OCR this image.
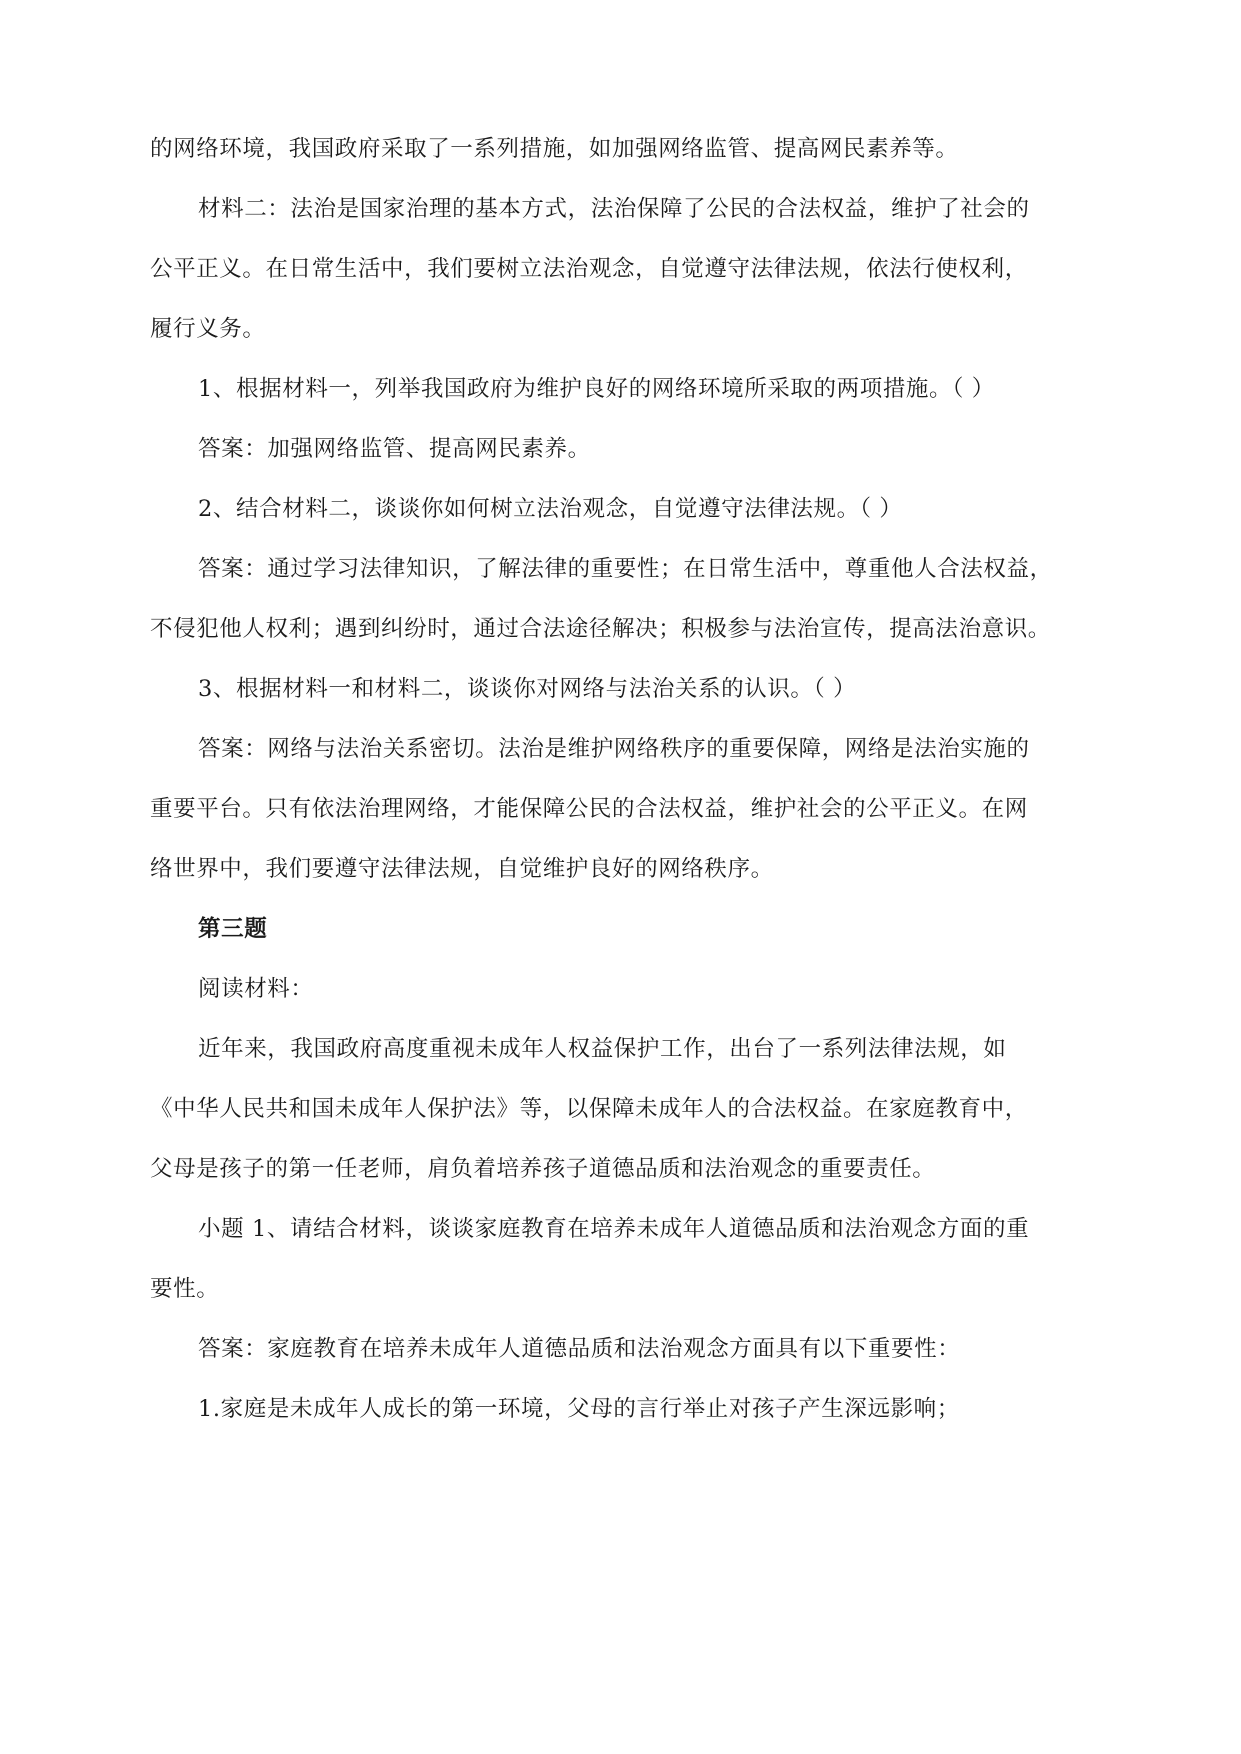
的网络环境，我国政府采取了一系列措施，如加强网络监管、提高网民素养等。

材料二：法治是国家治理的基本方式，法治保障了公民的合法权益，维护了社会的

公平正义。在日常生活中，我们要树立法治观念，自觉遵守法律法规，依法行使权利，

履行义务。

1、根据材料一，列举我国政府为维护良好的网络环境所采取的两项措施。（ ）

答案：加强网络监管、提高网民素养。

2、结合材料二，谈谈你如何树立法治观念，自觉遵守法律法规。（ ）

答案：通过学习法律知识，了解法律的重要性；在日常生活中，尊重他人合法权益，

不侵犯他人权利；遇到纠纷时，通过合法途径解决；积极参与法治宣传，提高法治意识。

3、根据材料一和材料二，谈谈你对网络与法治关系的认识。（ ）

答案：网络与法治关系密切。法治是维护网络秩序的重要保障，网络是法治实施的

重要平台。只有依法治理网络，才能保障公民的合法权益，维护社会的公平正义。在网

络世界中，我们要遵守法律法规，自觉维护良好的网络秩序。

第三题

阅读材料：

近年来，我国政府高度重视未成年人权益保护工作，出台了一系列法律法规，如

《中华人民共和国未成年人保护法》等，以保障未成年人的合法权益。在家庭教育中，

父母是孩子的第一任老师，肩负着培养孩子道德品质和法治观念的重要责任。

小题 1、请结合材料，谈谈家庭教育在培养未成年人道德品质和法治观念方面的重

要性。

答案：家庭教育在培养未成年人道德品质和法治观念方面具有以下重要性：

1.家庭是未成年人成长的第一环境，父母的言行举止对孩子产生深远影响；
